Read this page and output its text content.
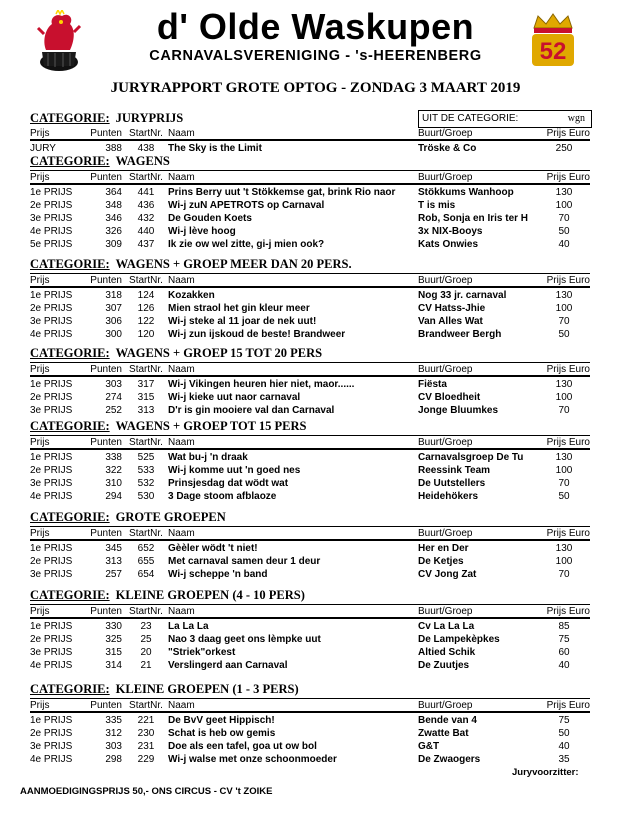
d' Olde Waskupen
CARNAVALSVERENIGING - 's-HEERENBERG	52
JURYRAPPORT GROTE OPTOG - ZONDAG 3 MAART 2019
UIT DE CATEGORIE:	wgn
CATEGORIE: JURYPRIJS
Prijs	Punten StartNr. Naam	Buurt/Groep	Prijs Euro
JURY	388	438	The Sky is the Limit	Tröske & Co	250
CATEGORIE: WAGENS
Prijs	Punten StartNr. Naam	Buurt/Groep	Prijs Euro
1e PRIJS	364	441	Prins Berry uut 't Stökkemse gat, brink Rio naor	Stökkums Wanhoop	130
2e PRIJS	348	436	Wi-j zuN APETROTS op Carnaval	T is mis	100
3e PRIJS	346	432	De Gouden Koets	Rob, Sonja en Iris ter H	70
4e PRIJS	326	440	Wi-j lève hoog	3x NIX-Booys	50
5e PRIJS	309	437	Ik zie ow wel zitte, gi-j mien ook?	Kats Onwies	40
CATEGORIE: WAGENS + GROEP MEER DAN 20 PERS.
Prijs	Punten StartNr. Naam	Buurt/Groep	Prijs Euro
1e PRIJS	318	124	Kozakken	Nog 33 jr. carnaval	130
2e PRIJS	307	126	Mien straol het gin kleur meer	CV Hatss-Jhie	100
3e PRIJS	306	122	Wi-j steke al 11 joar de nek uut!	Van Alles Wat	70
4e PRIJS	300	120	Wi-j zun ijskoud de beste! Brandweer	Brandweer Bergh	50
CATEGORIE: WAGENS + GROEP 15 TOT 20 PERS
Prijs	Punten StartNr. Naam	Buurt/Groep	Prijs Euro
1e PRIJS	303	317	Wi-j Vikingen heuren hier niet, maor......	Fiësta	130
2e PRIJS	274	315	Wi-j kieke uut naor carnaval	CV Bloedheit	100
3e PRIJS	252	313	D'r is gin mooiere val dan Carnaval	Jonge Bluumkes	70
CATEGORIE: WAGENS + GROEP TOT 15 PERS
Prijs	Punten StartNr. Naam	Buurt/Groep	Prijs Euro
1e PRIJS	338	525	Wat bu-j 'n draak	Carnavalsgroep De Tu	130
2e PRIJS	322	533	Wi-j komme uut 'n goed nes	Reessink Team	100
3e PRIJS	310	532	Prinsjesdag dat wödt wat	De Uutstellers	70
4e PRIJS	294	530	3 Dage stoom afblaoze	Heidehökers	50
CATEGORIE: GROTE GROEPEN
Prijs	Punten StartNr. Naam	Buurt/Groep	Prijs Euro
1e PRIJS	345	652	Gèèler wödt 't niet!	Her en Der	130
2e PRIJS	313	655	Met carnaval samen deur 1 deur	De Ketjes	100
3e PRIJS	257	654	Wi-j scheppe 'n band	CV Jong Zat	70
CATEGORIE: KLEINE GROEPEN (4 - 10 PERS)
Prijs	Punten StartNr. Naam	Buurt/Groep	Prijs Euro
1e PRIJS	330	23	La La La	Cv La La La	85
2e PRIJS	325	25	Nao 3 daag geet ons lèmpke uut	De Lampekèpkes	75
3e PRIJS	315	20	"Striek"orkest	Altied Schik	60
4e PRIJS	314	21	Verslingerd aan Carnaval	De Zuutjes	40
CATEGORIE: KLEINE GROEPEN (1 - 3 PERS)
Prijs	Punten StartNr. Naam	Buurt/Groep	Prijs Euro
1e PRIJS	335	221	De BvV geet Hippisch!	Bende van 4	75
2e PRIJS	312	230	Schat is heb ow gemis	Zwatte Bat	50
3e PRIJS	303	231	Doe als een tafel, goa ut ow bol	G&T	40
4e PRIJS	298	229	Wi-j walse met onze schoonmoeder	De Zwaogers	35
Juryvoorzitter:
AANMOEDIGINGSPRIJS 50,- ONS CIRCUS - CV 't ZOIKE
